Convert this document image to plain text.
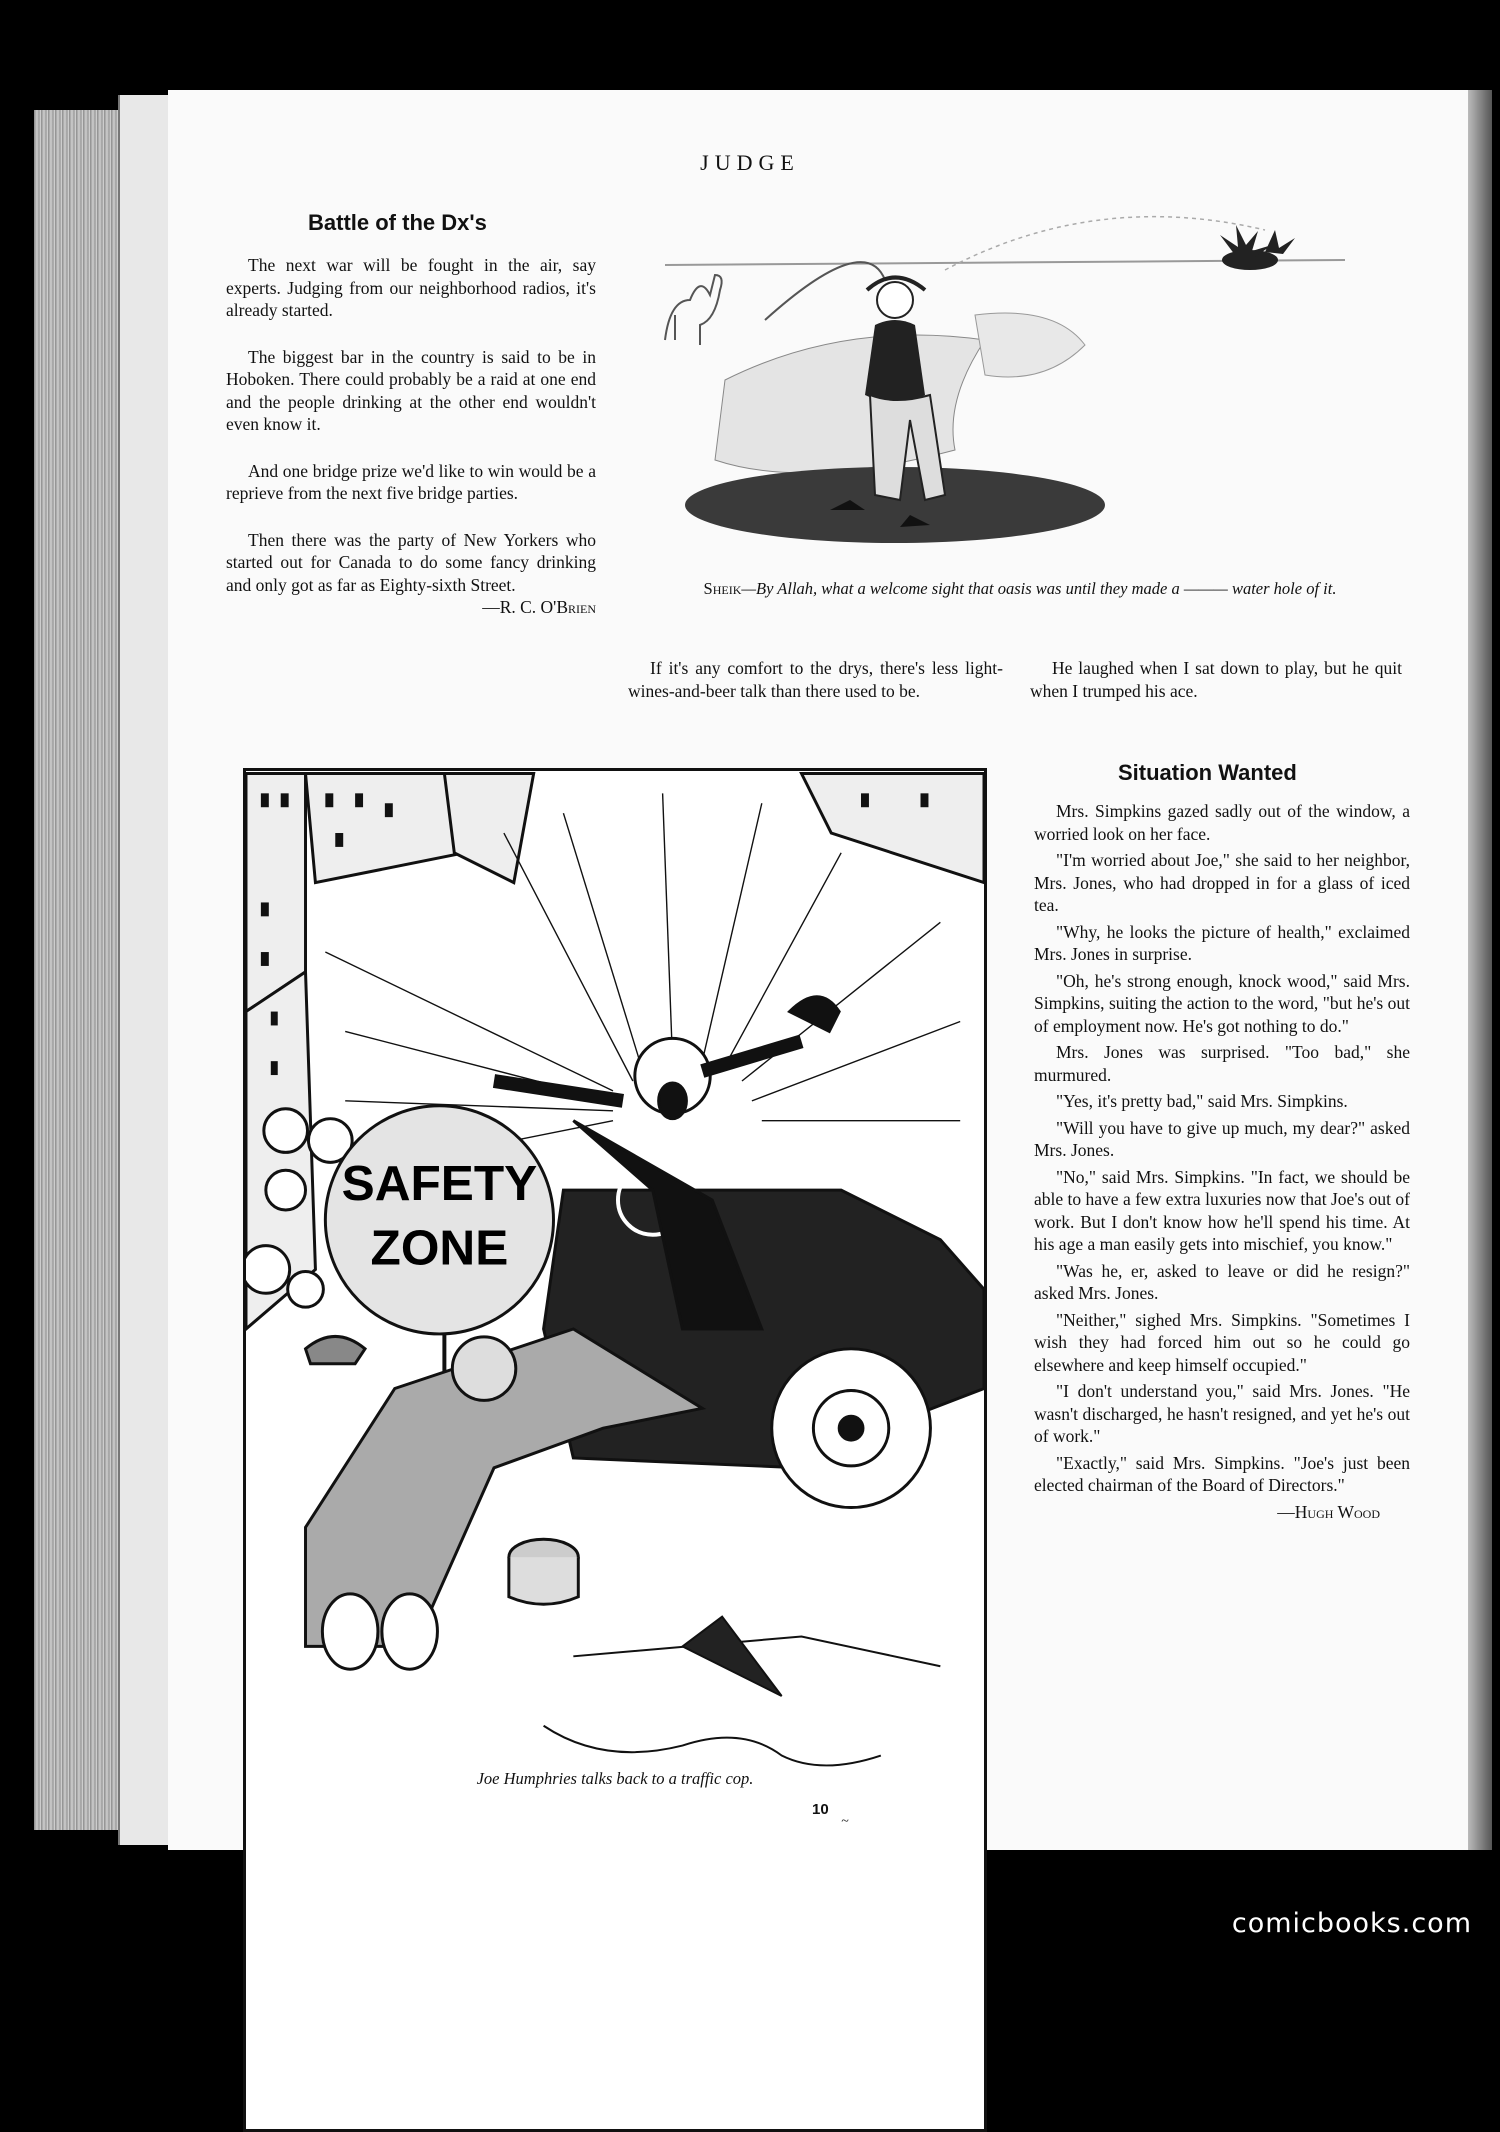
JUDGE
Battle of the Dx's

The next war will be fought in the air, say experts. Judging from our neighborhood radios, it's already started.

The biggest bar in the country is said to be in Hoboken. There could probably be a raid at one end and the people drinking at the other end wouldn't even know it.

And one bridge prize we'd like to win would be a reprieve from the next five bridge parties.

Then there was the party of New Yorkers who started out for Canada to do some fancy drinking and only got as far as Eighty-sixth Street.

—R. C. O'Brien
Sheik—By Allah, what a welcome sight that oasis was until they made a ——— water hole of it.

If it's any comfort to the drys, there's less light-wines-and-beer talk than there used to be.

He laughed when I sat down to play, but he quit when I trumped his ace.

SAFETY
ZONE
~
Joe Humphries talks back to a traffic cop.
Situation Wanted

Mrs. Simpkins gazed sadly out of the window, a worried look on her face.

"I'm worried about Joe," she said to her neighbor, Mrs. Jones, who had dropped in for a glass of iced tea.

"Why, he looks the picture of health," exclaimed Mrs. Jones in surprise.

"Oh, he's strong enough, knock wood," said Mrs. Simpkins, suiting the action to the word, "but he's out of employment now. He's got nothing to do."

Mrs. Jones was surprised. "Too bad," she murmured.

"Yes, it's pretty bad," said Mrs. Simpkins.

"Will you have to give up much, my dear?" asked Mrs. Jones.

"No," said Mrs. Simpkins. "In fact, we should be able to have a few extra luxuries now that Joe's out of work. But I don't know how he'll spend his time. At his age a man easily gets into mischief, you know."

"Was he, er, asked to leave or did he resign?" asked Mrs. Jones.

"Neither," sighed Mrs. Simpkins. "Sometimes I wish they had forced him out so he could go elsewhere and keep himself occupied."

"I don't understand you," said Mrs. Jones. "He wasn't discharged, he hasn't resigned, and yet he's out of work."

"Exactly," said Mrs. Simpkins. "Joe's just been elected chairman of the Board of Directors."

—Hugh Wood
10
comicbooks.com
